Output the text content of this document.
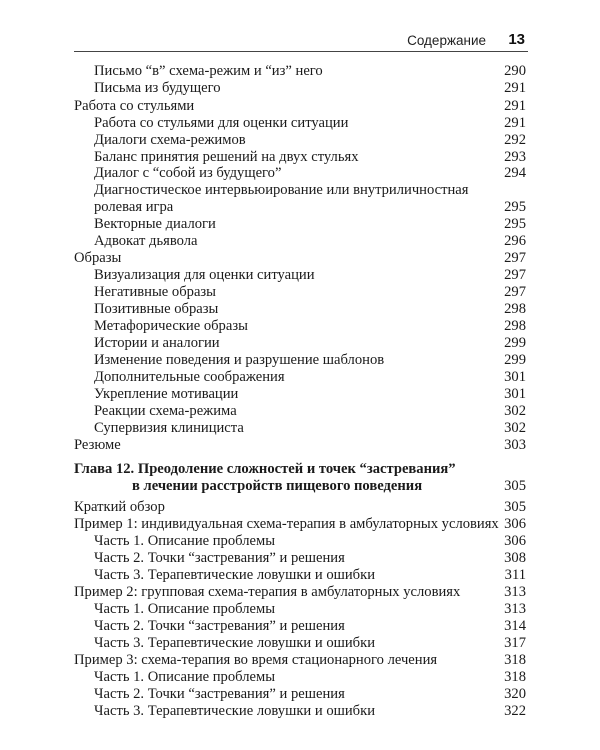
Содержание 13
Письмо “в” схема-режим и “из” него	290
Письма из будущего	291
Работа со стульями	291
Работа со стульями для оценки ситуации	291
Диалоги схема-режимов	292
Баланс принятия решений на двух стульях	293
Диалог с “собой из будущего”	294
Диагностическое интервьюирование или внутриличностная
ролевая игра	295
Векторные диалоги	295
Адвокат дьявола	296
Образы	297
Визуализация для оценки ситуации	297
Негативные образы	297
Позитивные образы	298
Метафорические образы	298
Истории и аналогии	299
Изменение поведения и разрушение шаблонов	299
Дополнительные соображения	301
Укрепление мотивации	301
Реакции схема-режима	302
Супервизия клинициста	302
Резюме	303
Глава 12. Преодоление сложностей и точек “застревания”
в лечении расстройств пищевого поведения	305
Краткий обзор	305
Пример 1: индивидуальная схема-терапия в амбулаторных условиях 306
Часть 1. Описание проблемы	306
Часть 2. Точки “застревания” и решения	308
Часть 3. Терапевтические ловушки и ошибки	311
Пример 2: групповая схема-терапия в амбулаторных условиях	313
Часть 1. Описание проблемы	313
Часть 2. Точки “застревания” и решения	314
Часть 3. Терапевтические ловушки и ошибки	317
Пример 3: схема-терапия во время стационарного лечения	318
Часть 1. Описание проблемы	318
Часть 2. Точки “застревания” и решения	320
Часть 3. Терапевтические ловушки и ошибки	322
